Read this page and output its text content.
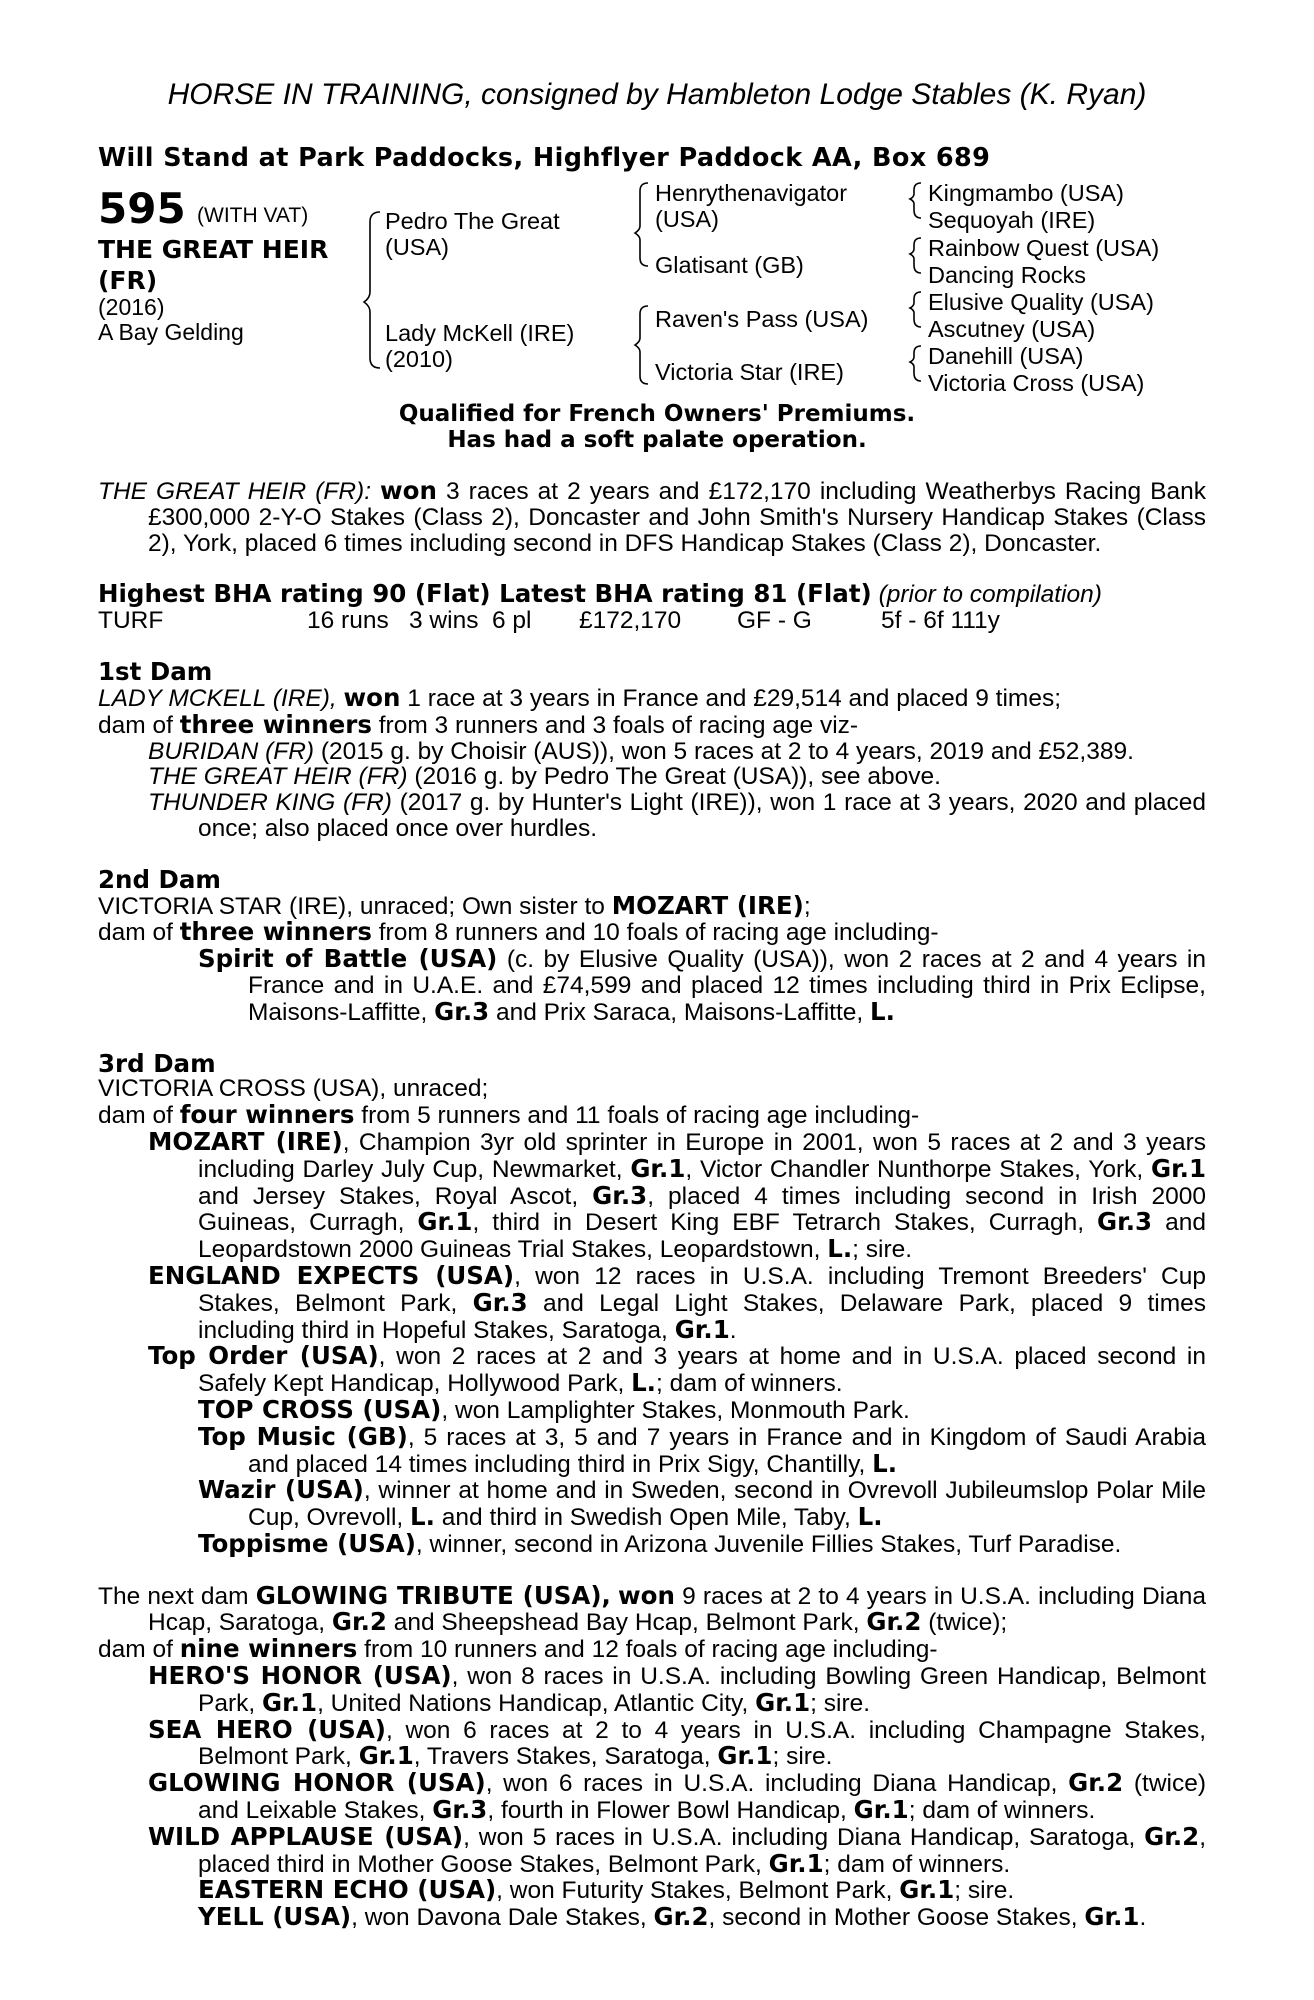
HORSE IN TRAINING, consigned by Hambleton Lodge Stables (K. Ryan)
Will Stand at Park Paddocks, Highflyer Paddock AA, Box 689
595 (WITH VAT)
THE GREAT HEIR (FR)
(2016)
A Bay Gelding
Pedro The Great (USA)
Lady McKell (IRE) (2010)
Henrythenavigator (USA)
Glatisant (GB)
Raven's Pass (USA)
Victoria Star (IRE)
Kingmambo (USA)
Sequoyah (IRE)
Rainbow Quest (USA)
Dancing Rocks
Elusive Quality (USA)
Ascutney (USA)
Danehill (USA)
Victoria Cross (USA)
Qualified for French Owners' Premiums.
Has had a soft palate operation.
THE GREAT HEIR (FR): won 3 races at 2 years and £172,170 including Weatherbys Racing Bank £300,000 2-Y-O Stakes (Class 2), Doncaster and John Smith's Nursery Handicap Stakes (Class 2), York, placed 6 times including second in DFS Handicap Stakes (Class 2), Doncaster.
Highest BHA rating 90 (Flat) Latest BHA rating 81 (Flat) (prior to compilation)
TURF	16 runs 3 wins 6 pl £172,170 GF - G	5f - 6f 111y
1st Dam
LADY MCKELL (IRE), won 1 race at 3 years in France and £29,514 and placed 9 times;
dam of three winners from 3 runners and 3 foals of racing age viz-
BURIDAN (FR) (2015 g. by Choisir (AUS)), won 5 races at 2 to 4 years, 2019 and £52,389.
THE GREAT HEIR (FR) (2016 g. by Pedro The Great (USA)), see above.
THUNDER KING (FR) (2017 g. by Hunter's Light (IRE)), won 1 race at 3 years, 2020 and placed once; also placed once over hurdles.
2nd Dam
VICTORIA STAR (IRE), unraced; Own sister to MOZART (IRE);
dam of three winners from 8 runners and 10 foals of racing age including-
Spirit of Battle (USA) (c. by Elusive Quality (USA)), won 2 races at 2 and 4 years in France and in U.A.E. and £74,599 and placed 12 times including third in Prix Eclipse, Maisons-Laffitte, Gr.3 and Prix Saraca, Maisons-Laffitte, L.
3rd Dam
VICTORIA CROSS (USA), unraced;
dam of four winners from 5 runners and 11 foals of racing age including-
MOZART (IRE), Champion 3yr old sprinter in Europe in 2001, won 5 races at 2 and 3 years including Darley July Cup, Newmarket, Gr.1, Victor Chandler Nunthorpe Stakes, York, Gr.1 and Jersey Stakes, Royal Ascot, Gr.3, placed 4 times including second in Irish 2000 Guineas, Curragh, Gr.1, third in Desert King EBF Tetrarch Stakes, Curragh, Gr.3 and Leopardstown 2000 Guineas Trial Stakes, Leopardstown, L.; sire.
ENGLAND EXPECTS (USA), won 12 races in U.S.A. including Tremont Breeders' Cup Stakes, Belmont Park, Gr.3 and Legal Light Stakes, Delaware Park, placed 9 times including third in Hopeful Stakes, Saratoga, Gr.1.
Top Order (USA), won 2 races at 2 and 3 years at home and in U.S.A. placed second in Safely Kept Handicap, Hollywood Park, L.; dam of winners.
TOP CROSS (USA), won Lamplighter Stakes, Monmouth Park.
Top Music (GB), 5 races at 3, 5 and 7 years in France and in Kingdom of Saudi Arabia and placed 14 times including third in Prix Sigy, Chantilly, L.
Wazir (USA), winner at home and in Sweden, second in Ovrevoll Jubileumslop Polar Mile Cup, Ovrevoll, L. and third in Swedish Open Mile, Taby, L.
Toppisme (USA), winner, second in Arizona Juvenile Fillies Stakes, Turf Paradise.
The next dam GLOWING TRIBUTE (USA), won 9 races at 2 to 4 years in U.S.A. including Diana Hcap, Saratoga, Gr.2 and Sheepshead Bay Hcap, Belmont Park, Gr.2 (twice);
dam of nine winners from 10 runners and 12 foals of racing age including-
HERO'S HONOR (USA), won 8 races in U.S.A. including Bowling Green Handicap, Belmont Park, Gr.1, United Nations Handicap, Atlantic City, Gr.1; sire.
SEA HERO (USA), won 6 races at 2 to 4 years in U.S.A. including Champagne Stakes, Belmont Park, Gr.1, Travers Stakes, Saratoga, Gr.1; sire.
GLOWING HONOR (USA), won 6 races in U.S.A. including Diana Handicap, Gr.2 (twice) and Leixable Stakes, Gr.3, fourth in Flower Bowl Handicap, Gr.1; dam of winners.
WILD APPLAUSE (USA), won 5 races in U.S.A. including Diana Handicap, Saratoga, Gr.2, placed third in Mother Goose Stakes, Belmont Park, Gr.1; dam of winners.
EASTERN ECHO (USA), won Futurity Stakes, Belmont Park, Gr.1; sire.
YELL (USA), won Davona Dale Stakes, Gr.2, second in Mother Goose Stakes, Gr.1.
